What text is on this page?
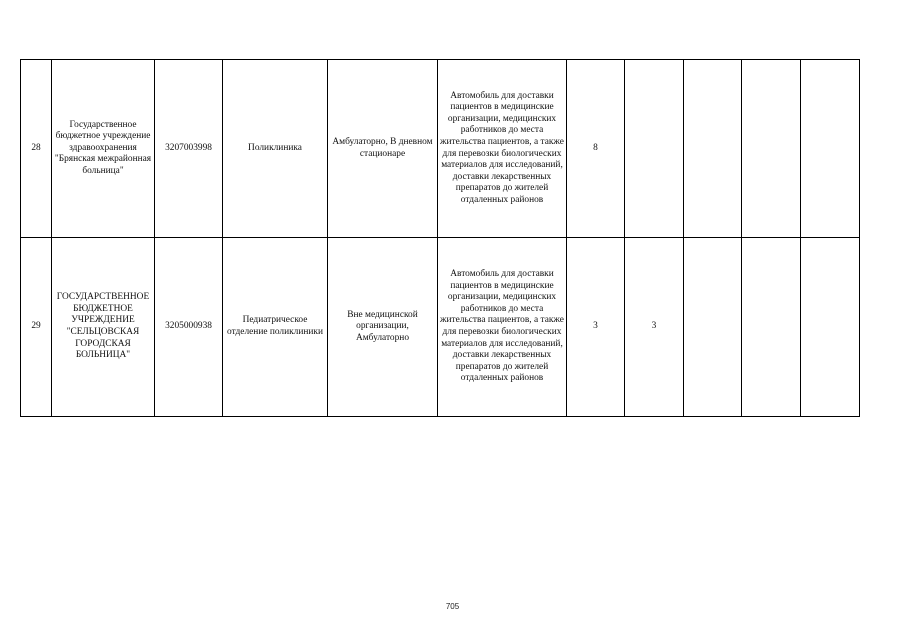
28	Государственное бюджетное учреждение здравоохранения "Брянская межрайонная больница"	3207003998	Поликлиника	Амбулаторно, В дневном стационаре	Автомобиль для доставки пациентов в медицинские организации, медицинских работников до места жительства пациентов, а также для перевозки биологических материалов для исследований, доставки лекарственных препаратов до жителей отдаленных районов	8				
29	ГОСУДАРСТВЕННОЕ БЮДЖЕТНОЕ УЧРЕЖДЕНИЕ "СЕЛЬЦОВСКАЯ ГОРОДСКАЯ БОЛЬНИЦА"	3205000938	Педиатрическое отделение поликлиники	Вне медицинской организации, Амбулаторно	Автомобиль для доставки пациентов в медицинские организации, медицинских работников до места жительства пациентов, а также для перевозки биологических материалов для исследований, доставки лекарственных препаратов до жителей отдаленных районов	3	3			
705
